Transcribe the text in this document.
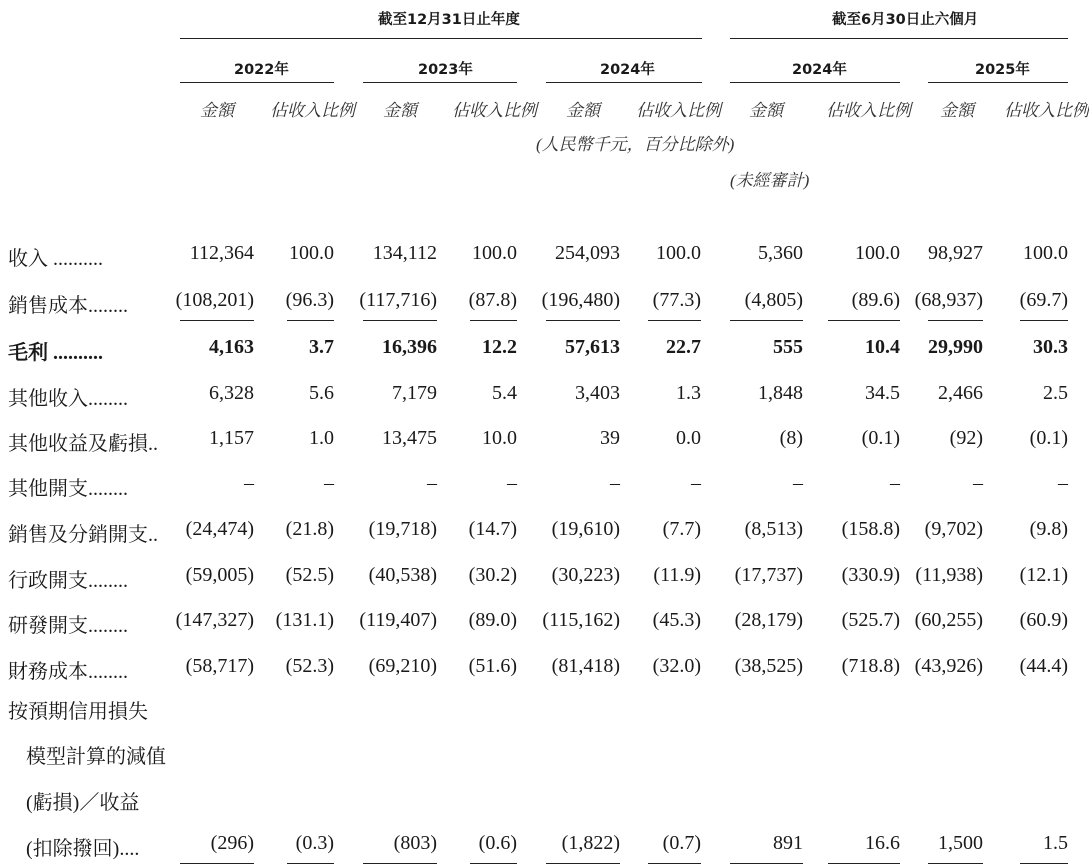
截至12月31日止年度	截至6月30日止六個月
2022年	2023年	2024年	2024年	2025年
金額 佔收入比例 金額 佔收入比例 金額 佔收入比例 金額	佔收入比例 金額 佔收入比例
(人民幣千元，百分比除外)
(未經審計)
收入 ..........	112,364 100.0 134,112 100.0 254,093 100.0	5,360	100.0 98,927 100.0
銷售成本........ (108,201) (96.3) (117,716) (87.8) (196,480) (77.3) (4,805) (89.6) (68,937) (69.7)
毛利 ..........	4,163	3.7 16,396 12.2 57,613 22.7	555	10.4 29,990	30.3
其他收入........	6,328	5.6	7,179	5.4	3,403	1.3	1,848	34.5 2,466	2.5
其他收益及虧損..	1,157	1.0 13,475 10.0	39	0.0	(8)	(0.1) (92) (0.1)
其他開支........	–	–	–	–	–	–	–	–	–	–
銷售及分銷開支.. (24,474) (21.8) (19,718) (14.7) (19,610) (7.7) (8,513) (158.8) (9,702) (9.8)
行政開支........	(59,005) (52.5) (40,538) (30.2) (30,223) (11.9) (17,737) (330.9) (11,938) (12.1)
研發開支........ (147,327) (131.1) (119,407) (89.0) (115,162) (45.3) (28,179) (525.7) (60,255) (60.9)
財務成本........	(58,717) (52.3) (69,210) (51.6) (81,418) (32.0) (38,525) (718.8) (43,926) (44.4)
按預期信用損失
模型計算的減值
(虧損)／收益
(扣除撥回)....	(296) (0.3)	(803) (0.6) (1,822) (0.7)	891	16.6 1,500	1.5
